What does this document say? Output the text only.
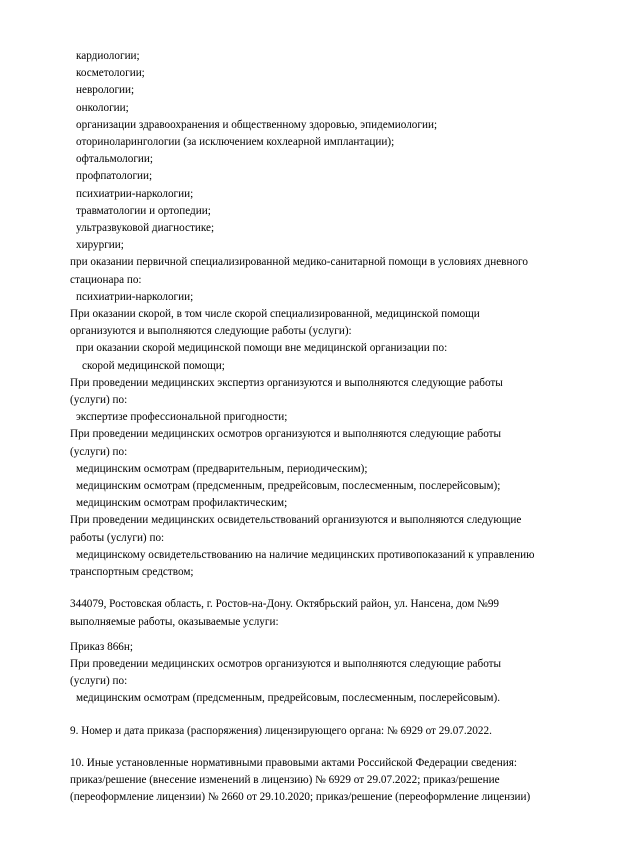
кардиологии;
косметологии;
неврологии;
онкологии;
организации здравоохранения и общественному здоровью, эпидемиологии;
оториноларингологии (за исключением кохлеарной имплантации);
офтальмологии;
профпатологии;
психиатрии-наркологии;
травматологии и ортопедии;
ультразвуковой диагностике;
хирургии;
при оказании первичной специализированной медико-санитарной помощи в условиях дневного
стационара по:
психиатрии-наркологии;
При оказании скорой, в том числе скорой специализированной, медицинской помощи
организуются и выполняются следующие работы (услуги):
при оказании скорой медицинской помощи вне медицинской организации по:
скорой медицинской помощи;
При проведении медицинских экспертиз организуются и выполняются следующие работы
(услуги) по:
экспертизе профессиональной пригодности;
При проведении медицинских осмотров организуются и выполняются следующие работы
(услуги) по:
медицинским осмотрам (предварительным, периодическим);
медицинским осмотрам (предсменным, предрейсовым, послесменным, послерейсовым);
медицинским осмотрам профилактическим;
При проведении медицинских освидетельствований организуются и выполняются следующие
работы (услуги) по:
медицинскому освидетельствованию на наличие медицинских противопоказаний к управлению
транспортным средством;
344079, Ростовская область, г. Ростов-на-Дону. Октябрьский район, ул. Нансена, дом №99
выполняемые работы, оказываемые услуги:
Приказ 866н;
При проведении медицинских осмотров организуются и выполняются следующие работы
(услуги) по:
медицинским осмотрам (предсменным, предрейсовым, послесменным, послерейсовым).
9. Номер и дата приказа (распоряжения) лицензирующего органа: № 6929 от 29.07.2022.
10. Иные установленные нормативными правовыми актами Российской Федерации сведения:
приказ/решение (внесение изменений в лицензию) № 6929 от 29.07.2022; приказ/решение
(переоформление лицензии) № 2660 от 29.10.2020; приказ/решение (переоформление лицензии)
